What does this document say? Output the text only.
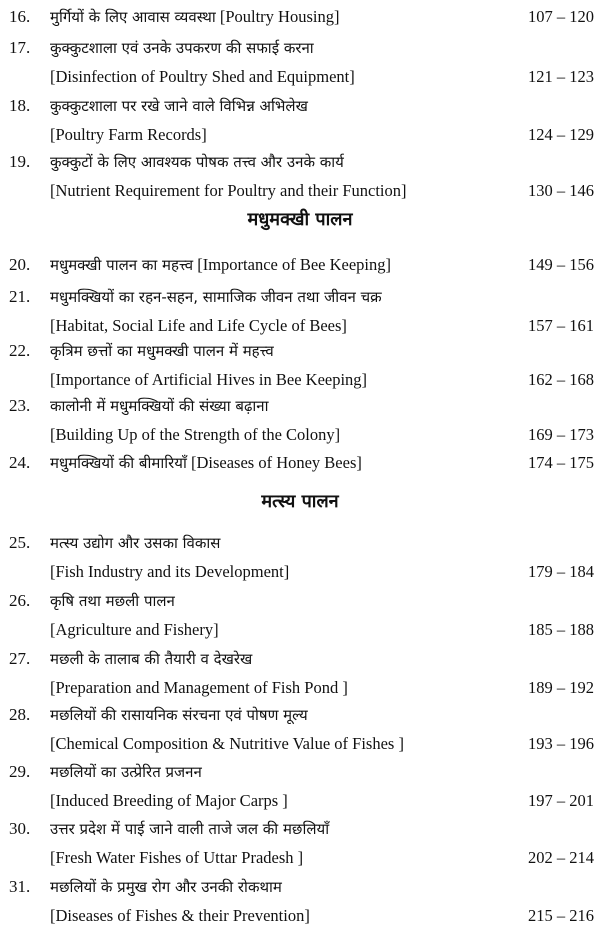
16. मुर्गियों के लिए आवास व्यवस्था [Poultry Housing]	107 – 120
17. कुक्कुटशाला एवं उनके उपकरण की सफाई करना
[Disinfection of Poultry Shed and Equipment]	121 – 123
18. कुक्कुटशाला पर रखे जाने वाले विभिन्न अभिलेख
[Poultry Farm Records]	124 – 129
19. कुक्कुटों के लिए आवश्यक पोषक तत्त्व और उनके कार्य
[Nutrient Requirement for Poultry and their Function]	130 – 146
मधुमक्खी पालन
20. मधुमक्खी पालन का महत्त्व [Importance of Bee Keeping]	149 – 156
21. मधुमक्खियों का रहन-सहन, सामाजिक जीवन तथा जीवन चक्र
[Habitat, Social Life and Life Cycle of Bees]	157 – 161
22. कृत्रिम छत्तों का मधुमक्खी पालन में महत्त्व
[Importance of Artificial Hives in Bee Keeping]	162 – 168
23. कालोनी में मधुमक्खियों की संख्या बढ़ाना
[Building Up of the Strength of the Colony]	169 – 173
24. मधुमक्खियों की बीमारियाँ [Diseases of Honey Bees]	174 – 175
मत्स्य पालन
25. मत्स्य उद्योग और उसका विकास
[Fish Industry and its Development]	179 – 184
26. कृषि तथा मछली पालन
[Agriculture and Fishery]	185 – 188
27. मछली के तालाब की तैयारी व देखरेख
[Preparation and Management of Fish Pond ]	189 – 192
28. मछलियों की रासायनिक संरचना एवं पोषण मूल्य
[Chemical Composition & Nutritive Value of Fishes ]	193 – 196
29. मछलियों का उत्प्रेरित प्रजनन
[Induced Breeding of Major Carps ]	197 – 201
30. उत्तर प्रदेश में पाई जाने वाली ताजे जल की मछलियाँ
[Fresh Water Fishes of Uttar Pradesh ]	202 – 214
31. मछलियों के प्रमुख रोग और उनकी रोकथाम
[Diseases of Fishes & their Prevention]	215 – 216
